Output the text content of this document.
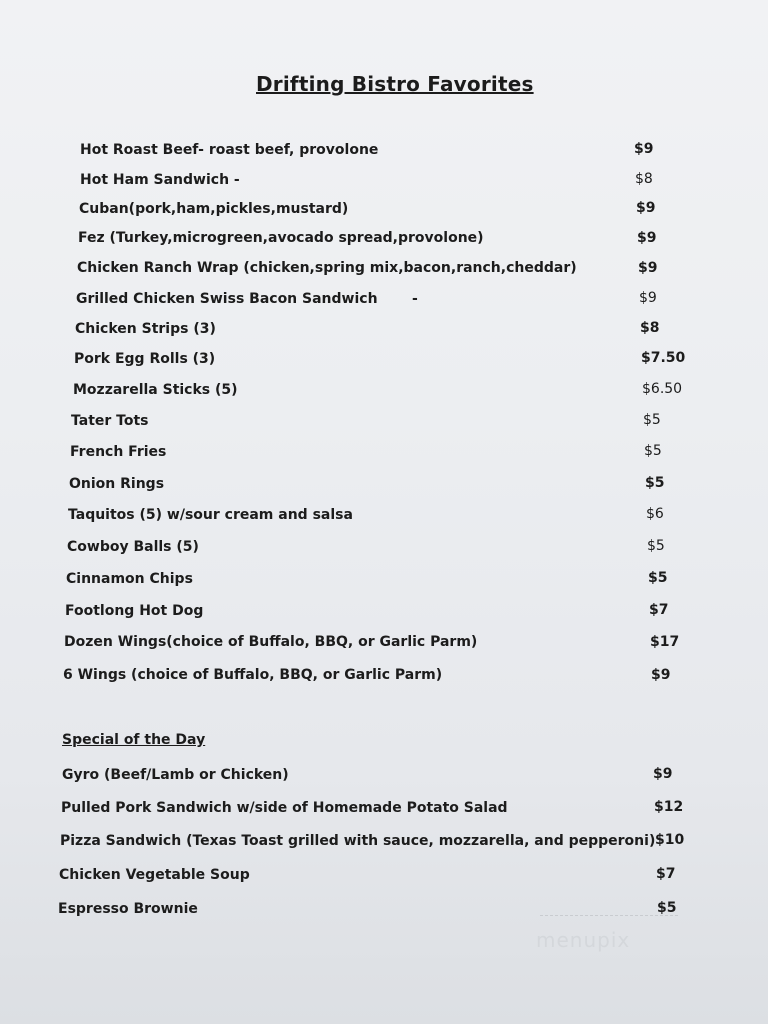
Drifting Bistro Favorites
Hot Roast Beef- roast beef, provolone	$9
Hot Ham Sandwich -	$8
Cuban(pork,ham,pickles,mustard)	$9
Fez (Turkey,microgreen,avocado spread,provolone)	$9
Chicken Ranch Wrap (chicken,spring mix,bacon,ranch,cheddar)	$9
Grilled Chicken Swiss Bacon Sandwich -	$9
Chicken Strips (3)	$8
Pork Egg Rolls (3)	$7.50
Mozzarella Sticks (5)	$6.50
Tater Tots	$5
French Fries	$5
Onion Rings	$5
Taquitos (5) w/sour cream and salsa	$6
Cowboy Balls (5)	$5
Cinnamon Chips	$5
Footlong Hot Dog	$7
Dozen Wings(choice of Buffalo, BBQ, or Garlic Parm)	$17
6 Wings (choice of Buffalo, BBQ, or Garlic Parm)	$9
Special of the Day
Gyro (Beef/Lamb or Chicken)	$9
Pulled Pork Sandwich w/side of Homemade Potato Salad	$12
Pizza Sandwich (Texas Toast grilled with sauce, mozzarella, and pepperoni) $10
Chicken Vegetable Soup	$7
Espresso Brownie	$5
menupix
